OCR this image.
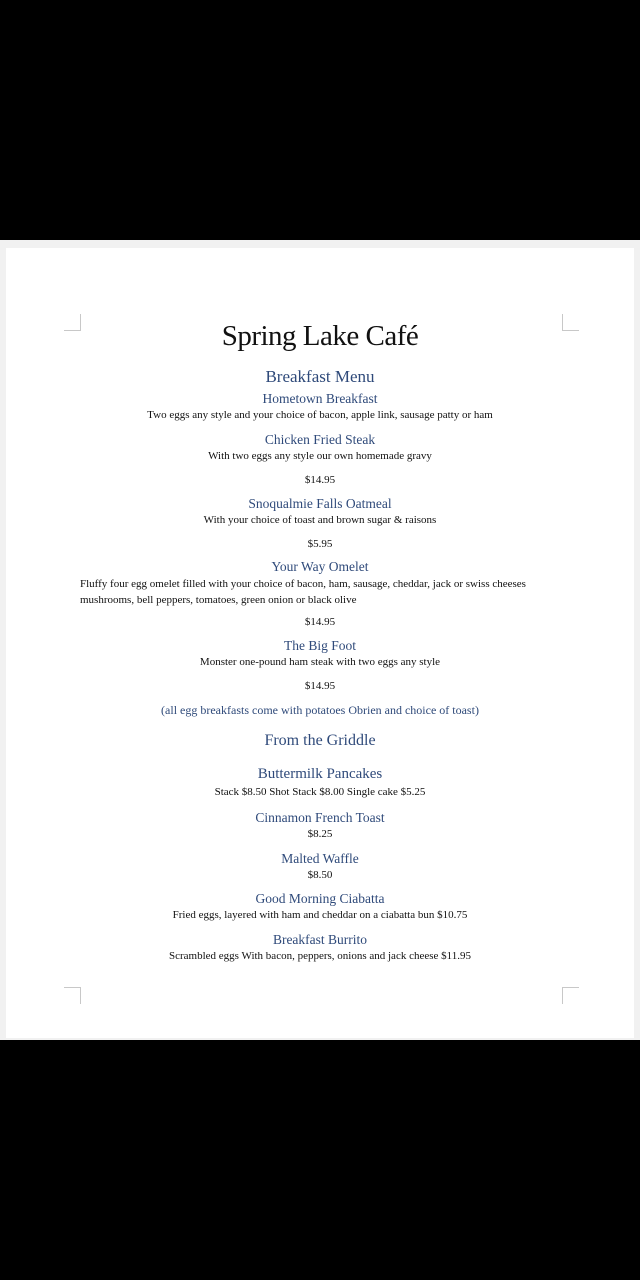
Spring Lake Café
Breakfast Menu
Hometown Breakfast
Two eggs any style and your choice of bacon, apple link, sausage patty or ham
Chicken Fried Steak
With two eggs any style our own homemade gravy
$14.95
Snoqualmie Falls Oatmeal
With your choice of toast and brown sugar & raisons
$5.95
Your Way Omelet
Fluffy four egg omelet filled with your choice of bacon, ham, sausage, cheddar, jack or swiss cheeses
mushrooms, bell peppers, tomatoes, green onion or black olive
$14.95
The Big Foot
Monster one-pound ham steak with two eggs any style
$14.95
(all egg breakfasts come with potatoes Obrien and choice of toast)
From the Griddle
Buttermilk Pancakes
Stack $8.50 Shot Stack $8.00 Single cake $5.25
Cinnamon French Toast
$8.25
Malted Waffle
$8.50
Good Morning Ciabatta
Fried eggs, layered with ham and cheddar on a ciabatta bun $10.75
Breakfast Burrito
Scrambled eggs With bacon, peppers, onions and jack cheese $11.95
